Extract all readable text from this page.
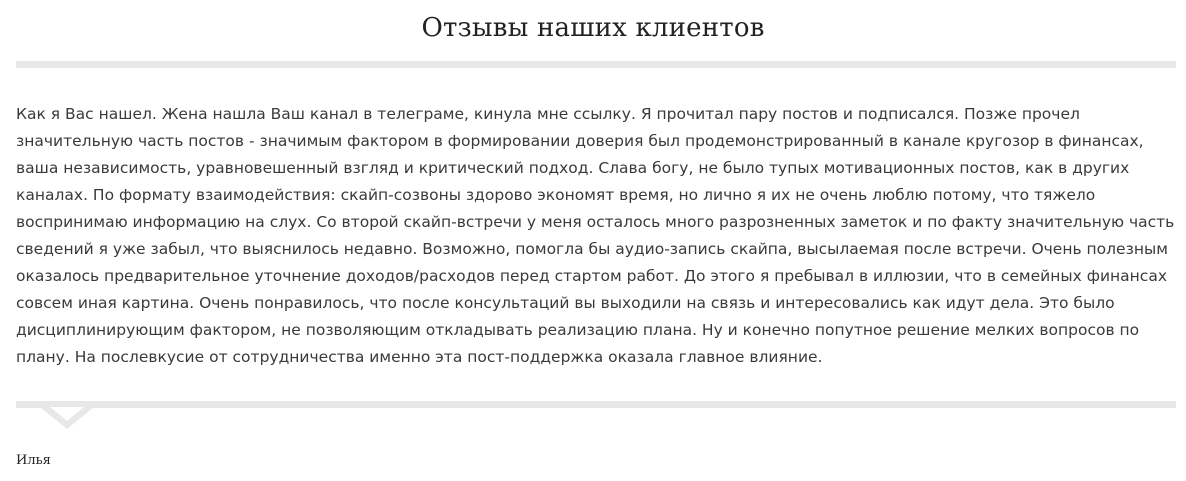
Отзывы наших клиентов

Как я Вас нашел. Жена нашла Ваш канал в телеграме, кинула мне ссылку. Я прочитал пару постов и подписался. Позже прочел значительную часть постов - значимым фактором в формировании доверия был продемонстрированный в канале кругозор в финансах, ваша независимость, уравновешенный взгляд и критический подход. Слава богу, не было тупых мотивационных постов, как в других каналах. По формату взаимодействия: скайп-созвоны здорово экономят время, но лично я их не очень люблю потому, что тяжело воспринимаю информацию на слух. Со второй скайп-встречи у меня осталось много разрозненных заметок и по факту значительную часть сведений я уже забыл, что выяснилось недавно. Возможно, помогла бы аудио-запись скайпа, высылаемая после встречи. Очень полезным оказалось предварительное уточнение доходов/расходов перед стартом работ. До этого я пребывал в иллюзии, что в семейных финансах совсем иная картина. Очень понравилось, что после консультаций вы выходили на связь и интересовались как идут дела. Это было дисциплинирующим фактором, не позволяющим откладывать реализацию плана. Ну и конечно попутное решение мелких вопросов по плану. На послевкусие от сотрудничества именно эта пост-поддержка оказала главное влияние.

Илья
